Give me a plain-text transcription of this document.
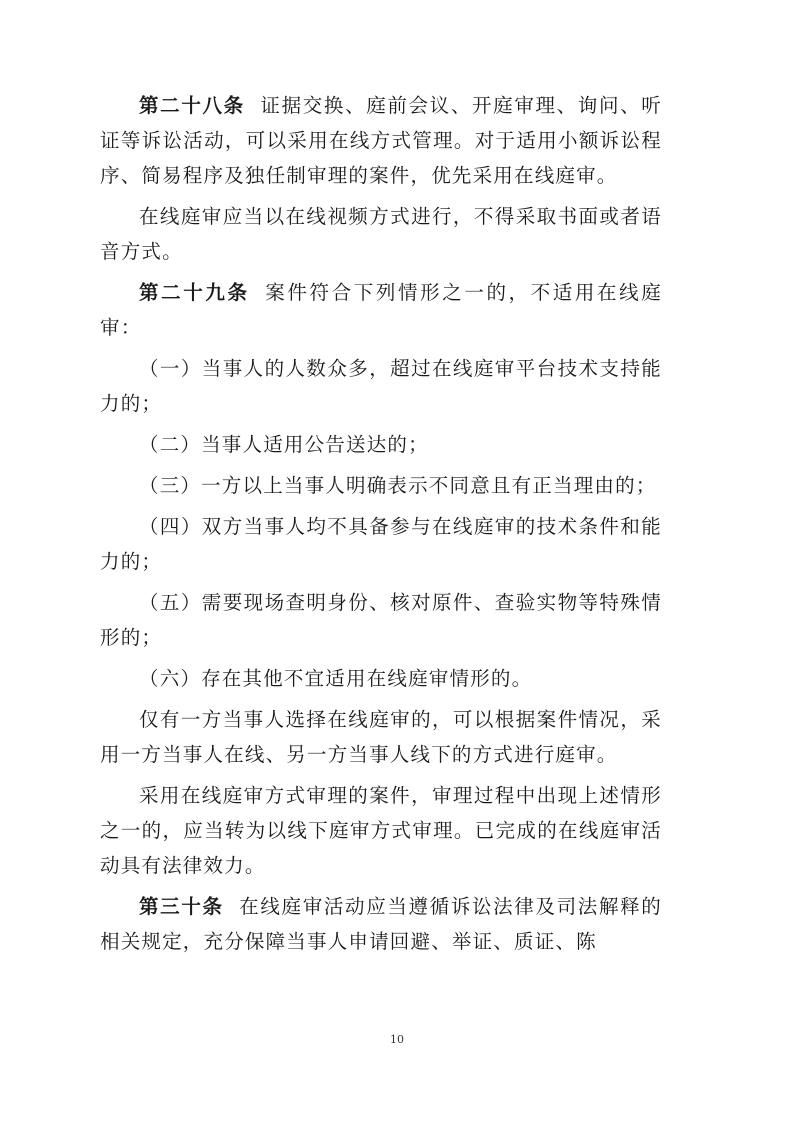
第二十八条 证据交换、庭前会议、开庭审理、询问、听证等诉讼活动，可以采用在线方式管理。对于适用小额诉讼程序、简易程序及独任制审理的案件，优先采用在线庭审。

在线庭审应当以在线视频方式进行，不得采取书面或者语音方式。

第二十九条 案件符合下列情形之一的，不适用在线庭审：

（一）当事人的人数众多，超过在线庭审平台技术支持能力的；

（二）当事人适用公告送达的；

（三）一方以上当事人明确表示不同意且有正当理由的；

（四）双方当事人均不具备参与在线庭审的技术条件和能力的；

（五）需要现场查明身份、核对原件、查验实物等特殊情形的；

（六）存在其他不宜适用在线庭审情形的。

仅有一方当事人选择在线庭审的，可以根据案件情况，采用一方当事人在线、另一方当事人线下的方式进行庭审。

采用在线庭审方式审理的案件，审理过程中出现上述情形之一的，应当转为以线下庭审方式审理。已完成的在线庭审活动具有法律效力。

第三十条 在线庭审活动应当遵循诉讼法律及司法解释的相关规定，充分保障当事人申请回避、举证、质证、陈

10
